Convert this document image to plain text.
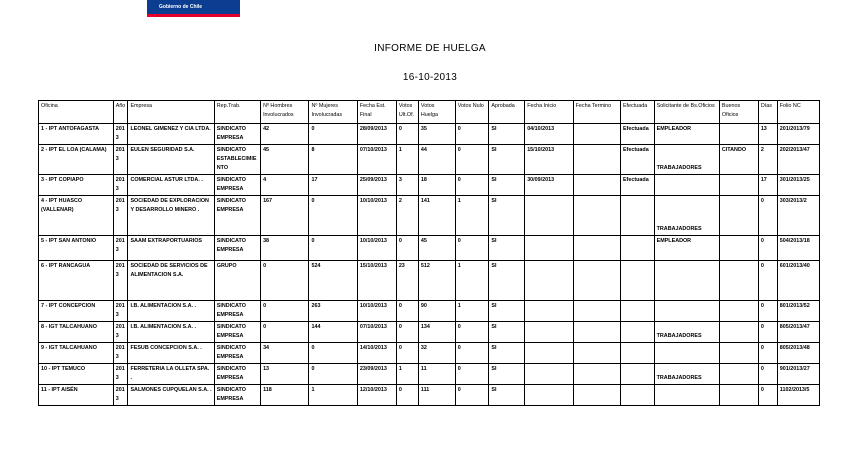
Gobierno de Chile
INFORME DE HUELGA
16-10-2013
Oficina	Año	Empresa	Rep.Trab.	Nº Hombres Involucrados	Nº Mujeres Involucradas	Fecha Est. Final	Votos Ult.Of.	Votos Huelga	Votos Nulo	Aprobada	Fecha Inicio	Fecha Termino	Efectuada	Solicitante de Bs.Oficios	Buenos Oficios	Días	Folio NC
1 - IPT ANTOFAGASTA	2013	LEONEL GIMENEZ Y CIA LTDA.	SINDICATO EMPRESA	42	0	28/09/2013	0	35	0	SI	04/10/2013		Efectuada	EMPLEADOR		13	201/2013/79
2 - IPT EL LOA (CALAMA)	2013	EULEN SEGURIDAD S.A.	SINDICATO ESTABLECIMIENTO	45	8	07/10/2013	1	44	0	SI	15/10/2013		Efectuada	TRABAJADORES	CITANDO	2	202/2013/47
3 - IPT COPIAPO	2013	COMERCIAL ASTUR LTDA. .	SINDICATO EMPRESA	4	17	25/09/2013	3	18	0	SI	30/09/2013		Efectuada			17	301/2013/25
4 - IPT HUASCO (VALLENAR)	2013	SOCIEDAD DE EXPLORACION Y DESARROLLO MINERO .	SINDICATO EMPRESA	167	0	10/10/2013	2	141	1	SI				TRABAJADORES		0	303/2013/2
5 - IPT SAN ANTONIO	2013	SAAM EXTRAPORTUARIOS	SINDICATO EMPRESA	38	0	10/10/2013	0	45	0	SI				EMPLEADOR		0	504/2013/18
6 - IPT RANCAGUA	2013	SOCIEDAD DE SERVICIOS DE ALIMENTACION S.A.	GRUPO	0	524	15/10/2013	23	512	1	SI						0	601/2013/40
7 - IPT CONCEPCION	2013	I.B. ALIMENTACION S.A. .	SINDICATO EMPRESA	0	263	10/10/2013	0	90	1	SI						0	801/2013/52
8 - IGT TALCAHUANO	2013	I.B. ALIMENTACION S.A. .	SINDICATO EMPRESA	0	144	07/10/2013	0	134	0	SI				TRABAJADORES		0	805/2013/47
9 - IGT TALCAHUANO	2013	FESUB CONCEPCION S.A. .	SINDICATO EMPRESA	34	0	14/10/2013	0	32	0	SI						0	805/2013/48
10 - IPT TEMUCO	2013	FERRETERIA LA OLLETA SPA. .	SINDICATO EMPRESA	13	0	23/09/2013	1	11	0	SI				TRABAJADORES		0	901/2013/27
11 - IPT AISÉN	2013	SALMONES CUPQUELAN S.A. .	SINDICATO EMPRESA	118	1	12/10/2013	0	111	0	SI						0	1102/2013/5
